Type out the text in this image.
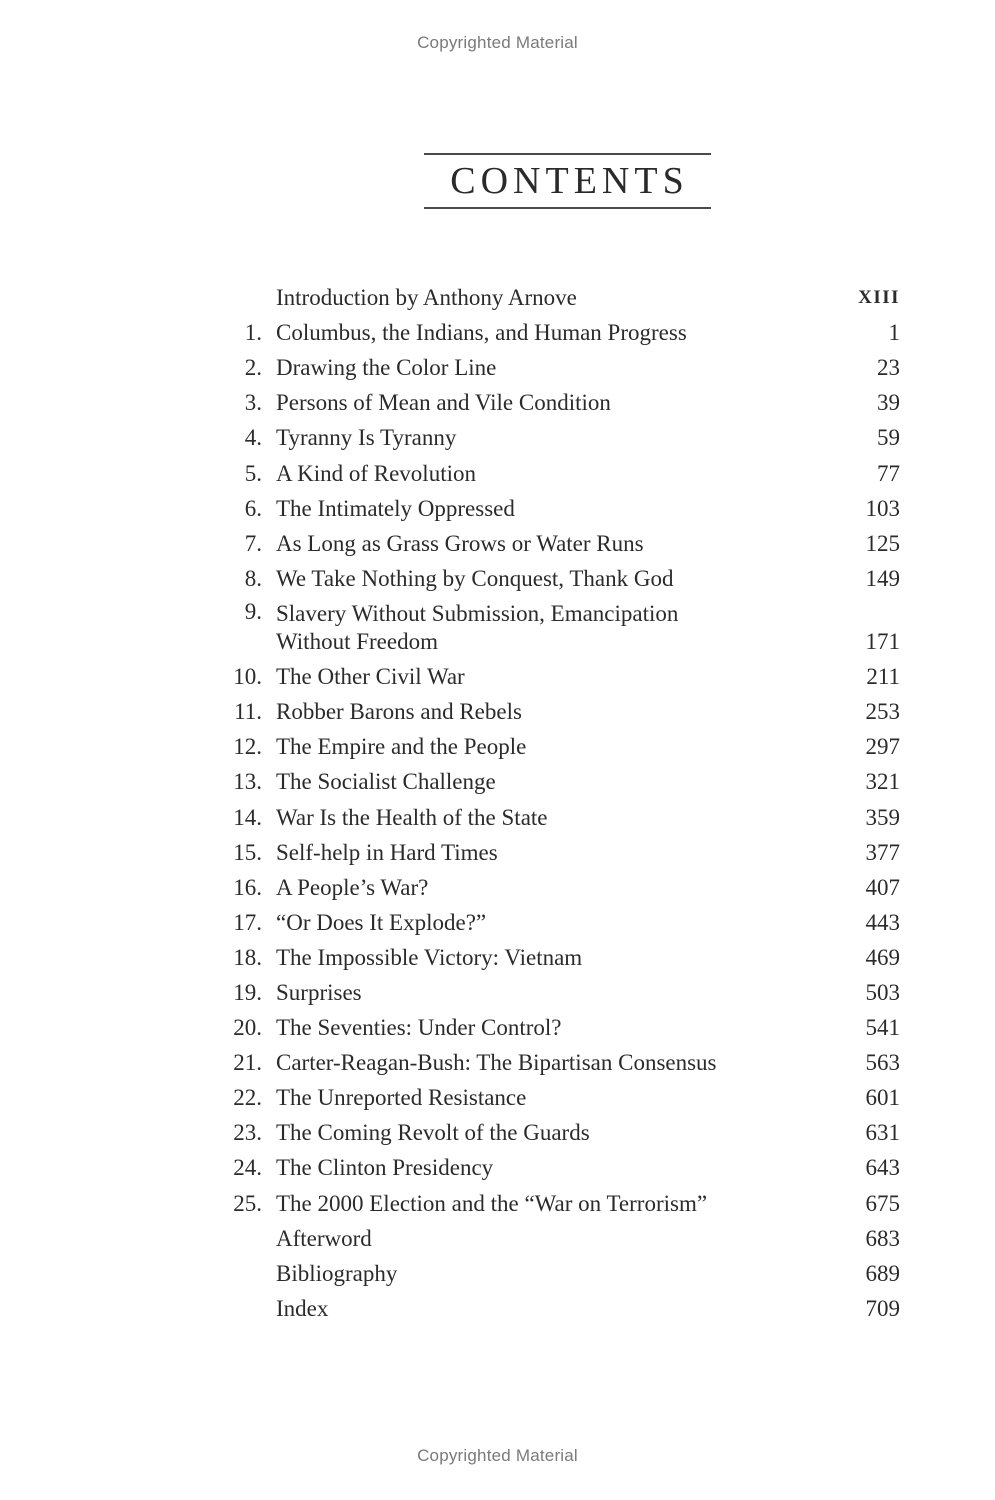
Copyrighted Material
CONTENTS
Introduction by Anthony Arnove	XIII
1. Columbus, the Indians, and Human Progress	1
2. Drawing the Color Line	23
3. Persons of Mean and Vile Condition	39
4. Tyranny Is Tyranny	59
5. A Kind of Revolution	77
6. The Intimately Oppressed	103
7. As Long as Grass Grows or Water Runs	125
8. We Take Nothing by Conquest, Thank God	149
9. Slavery Without Submission, Emancipation
Without Freedom	171
10. The Other Civil War	211
11. Robber Barons and Rebels	253
12. The Empire and the People	297
13. The Socialist Challenge	321
14. War Is the Health of the State	359
15. Self-help in Hard Times	377
16. A People’s War?	407
17. “Or Does It Explode?”	443
18. The Impossible Victory: Vietnam	469
19. Surprises	503
20. The Seventies: Under Control?	541
21. Carter-Reagan-Bush: The Bipartisan Consensus	563
22. The Unreported Resistance	601
23. The Coming Revolt of the Guards	631
24. The Clinton Presidency	643
25. The 2000 Election and the “War on Terrorism”	675
Afterword	683
Bibliography	689
Index	709
Copyrighted Material
